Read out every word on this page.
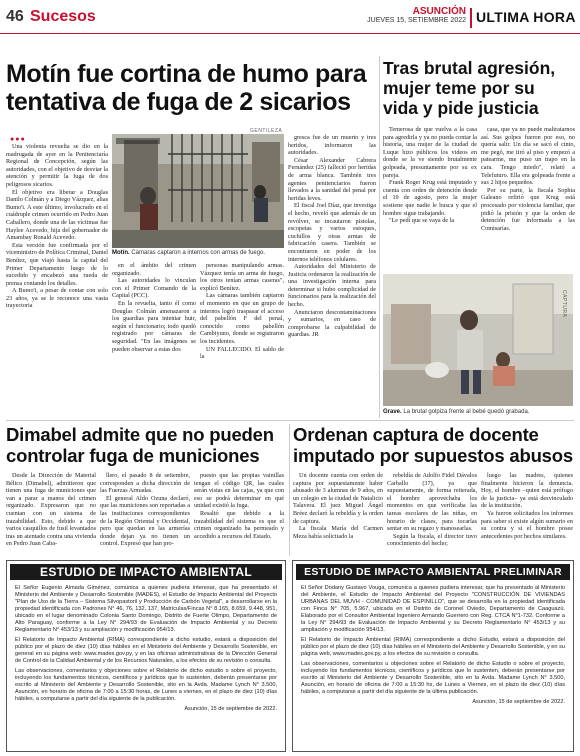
46 Sucesos	ASUNCIÓN
JUEVES 15, SETIEMBRE 2022 ULTIMA HORA
Motín fue cortina de humo para
tentativa de fuga de 2 sicarios
●●●

Una violenta revuelta se dio en la madrugada de ayer en la Penitenciaría Regional de Concepción, según las autoridades, con el objetivo de desviar la atención y permitir la fuga de dos peligrosos sicarios.

El objetivo era liberar a Douglas Danilo Colmán y a Diego Vázquez, alias Bumo'i. A este último, involucrado en el cuádruple crimen ocurrido en Pedro Juan Caballero, donde una de las víctimas fue Haylee Acevedo, hija del gobernador de Amambay Ronald Acevedo.

Esta versión fue confirmada por el viceministro de Política Criminal, Daniel Benítez, que viajó hasta la capital del Primer Departamento luego de lo sucedido y encabezó una rueda de prensa contando los detalles.

A Bumo'i, a pesar de contar con solo 23 años, ya se le reconoce una vasta trayectoria

GENTILEZA
Motín. Cámaras captaron a internos con armas de fuego.

en el ámbito del crimen organizado.

Las autoridades lo vinculan con el Primer Comando de la Capital (PCC).

En la revuelta, tanto él como Douglas Colmán amenazaron a los guardias para intentar huir, según el funcionario; todo quedó registrado por cámaras de seguridad. "En las imágenes se pueden observar a estas dos

personas manipulando armas. Vázquez tenía un arma de fuego, los otros tenían armas caseras", explicó Benítez.

Las cámaras también captaron el momento en que un grupo de internos logró traspasar el acceso del pabellón F del penal, conocido como pabellón Cambiyuno, donde se registraron los incidentes.

UN FALLECIDO. El saldo de la

gresca fue de un muerto y tres heridos, informaron las autoridades.

César Alexander Cabrera Fernández (25) falleció por heridas de arma blanca. También tres agentes penitenciarios fueron llevados a la sanidad del penal por heridas leves.

El fiscal Joel Díaz, que investiga el hecho, reveló que además de un revólver, se incautaron pistolas, escopetas y varios estoques, cuchillos y otras armas de fabricación casera. También se encontraron en poder de los internos teléfonos celulares.

Autoridades del Ministerio de Justicia ordenaron la realización de una investigación interna para determinar si hubo complicidad de funcionarios para la realización del hecho.

Anunciaron descontaminaciones y sumarios, en caso de comprobarse la culpabilidad de guardias. JR

Tras brutal agresión,
mujer teme por su
vida y pide justicia

Temerosa de que vuelva a la casa para agredirla y ya no pueda contar la historia, una mujer de la ciudad de Luque hizo públicos los videos en donde se la ve siendo brutalmente golpeada, presuntamente por su ex pareja.

Frank Roger Krug está imputado y cuenta con orden de detención desde el 19 de agosto, pero la mujer sostiene que nadie le busca y que el hombre sigue trabajando.

"Le pedí que se vaya de la

casa, que ya no puede maltratarnos así. Sus golpes fueron por eso, no quería salir. Un día se sacó el cinto, me pegó, me tiró al piso y empezó a patearme, me puso un trapo en la cara. Tengo miedo", relató a Telefuturo. Ella era golpeada frente a sus 2 hijos pequeños.

Por su parte, la fiscala Sophia Galeano refirió que Krug está procesado por violencia familiar, que pidió la prisión y que la orden de detención fue informada a las Comisarías.

CAPTURA
Grave. La brutal golpiza frente al bebé quedó grabada.
Dimabel admite que no pueden
controlar fuga de municiones

Desde la Dirección de Material Bélico (Dimabel), admitieron que tienen una fuga de municiones que van a parar a manos del crimen organizado. Expresaron que no cuentan con un sistema de trazabilidad. Esto, debido a que varios casquillos de fusil levantados tras un atentado contra una vivienda en Pedro Juan Caba-

llero, el pasado 8 de setiembre, corresponden a dicha dirección de las Fuerzas Armadas.

El general Aldo Ozuna declaró, que las municiones son reportadas a las instituciones correspondientes de la Región Oriental y Occidental, pero que quedan en las armerías donde dejan ya no tienen un control. Expresó que han pro-

puesto que las propias vainillas tengan el código QR, las cuales serán vistas en las cajas, ya que con eso se podrá determinar en qué unidad existió la fuga.

Resaltó que debido a la trazabilidad del sistema es que el crimen organizado ha permeado y accedido a recursos del Estado.

Ordenan captura de docente
imputado por supuestos abusos

Un docente cuenta con orden de captura por supuestamente haber abusado de 3 alumnas de 9 años, en un colegio en la ciudad de Natalicio Talavera. El juez Miguel Ángel Bréez declaró la rebeldía y la orden de captura.

La fiscala María del Carmen Meza había solicitado la

rebeldía de Adolfo Fidel Dávalos Carballo (37), ya que supuestamente, de forma reiterada, el hombre aprovechaba los momentos en que verificaba las tareas escolares de las niñas, en horario de clases, para tocarlas sentar en su regazo y manosearlas.

Según la fiscala, el director tuvo conocimiento del hecho;

luego las madres, quienes finalmente hicieron la denuncia. Hoy, el hombre –quien está prófugo de la justicia– ya está desvinculado de la institución.

Ya fueron solicitados los informes para saber si existe algún sumario en su contra y si el hombre posee antecedentes por hechos similares.

ESTUDIO DE IMPACTO AMBIENTAL

El Señor Eugenio Almada Giménez, comunica a quienes pudiera interesar, que ha presentado el Ministerio del Ambiente y Desarrollo Sostenible (MADES), el Estudio de Impacto Ambiental del Proyecto "Plan de Uso de la Tierra – Sistema Silvopastoril y Producción de Carbón Vegetal", a desarrollarse en la propiedad identificada con Padrones N° 46, 76, 132, 137, Matrículas/Fincas N° 8.165, 8.659, 9.448, 951, ubicado en el lugar denominado Colonia Santo Domingo, Distrito de Fuerte Olimpo, Departamento de Alto Paraguay, conforme a la Ley N° 294/93 de Evaluación de Impacto Ambiental y su Decreto Reglamentario N° 453/13 y su ampliación y modificación 954/13.

El Relatorio de Impacto Ambiental (RIMA) correspondiente a dicho estudio, estará a disposición del público por el plazo de diez (10) días hábiles en el Ministerio del Ambiente y Desarrollo Sostenible, en general en su página web: www.mades.gov.py, y en las oficinas administrativas de la Dirección General de Control de la Calidad Ambiental y de los Recursos Naturales, a los efectos de su revisión o consulta.

Las observaciones, comentarios y objeciones sobre el Relatorio de dicho estudio o sobre el proyecto, incluyendo los fundamentos técnicos, científicos y jurídicos que lo sustenten, deberán presentarse por escrito al Ministerio del Ambiente y Desarrollo Sostenible, sito en la Avda. Madame Lynch N° 3.500, Asunción, en horario de oficina de 7:00 a 15:30 horas, de Lunes a viernes, en el plazo de diez (10) días hábiles, a computarse a partir del día siguiente de la publicación.

Asunción, 15 de septiembre de 2022.

ESTUDIO DE IMPACTO AMBIENTAL PRELIMINAR

El Señor Dodany Gustavo Vouga, comunica a quienes pudiera interesar, que ha presentado al Ministerio del Ambiente, el Estudio de Impacto Ambiental del Proyecto "CONSTRUCCIÓN DE VIVIENDAS URBANAS DEL MUVH - COMUNIDAD DE ESPINILLO", que se desarrolla en la propiedad identificada con Finca N° 705, 5.967, ubicada en el Distrito de Coronel Oviedo, Departamento de Caaguazú. Elaborado por el Consultor Ambiental Ingeniero Armando Guerrero con Reg. CTCA N°1-732. Conforme a la Ley N° 294/93 de Evaluación de Impacto Ambiental y su Decreto Reglamentario N° 453/13 y su ampliación y modificación 954/13.

El Relatorio de Impacto Ambiental (RIMA) correspondiente a dicho Estudio, estará a disposición del público por el plazo de diez (10) días hábiles en el Ministerio del Ambiente y Desarrollo Sostenible, y en su página web, www.mades.gov.py, a los efectos de su revisión o consulta.

Las observaciones, comentarios u objeciones sobre el Relatorio de dicho Estudio o sobre el proyecto, incluyendo los fundamentos técnicos, científicos y jurídicos que lo sustenten, deberán presentarse por escrito al Ministerio del Ambiente y Desarrollo Sostenible, sito en la Avda. Madame Lynch N° 3.500, Asunción, en horario de oficina de 7:00 a 15:30 hs, de Lunes a Viernes, en el plazo de diez (10) días hábiles, a computarse a partir del día siguiente de la última publicación.

Asunción, 15 de septiembre de 2022.
